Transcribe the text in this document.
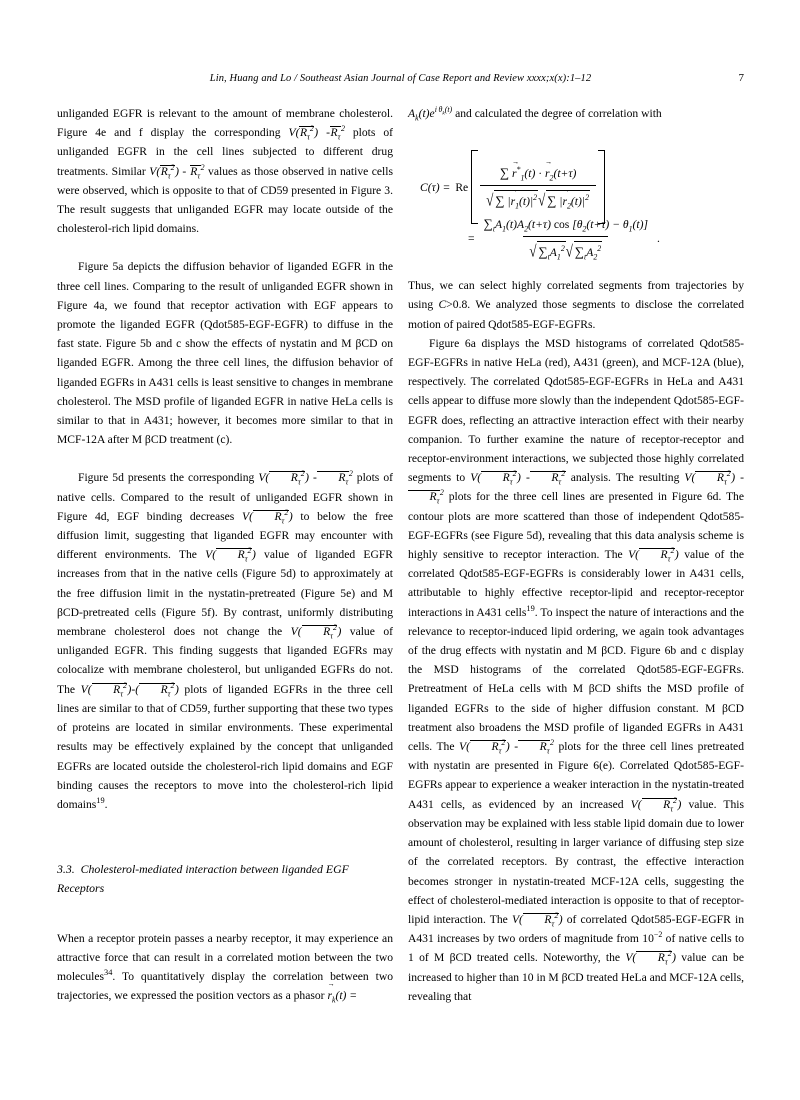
Lin, Huang and Lo / Southeast Asian Journal of Case Report and Review xxxx;x(x):1–12	7

unliganded EGFR is relevant to the amount of membrane cholesterol. Figure 4e and f display the corresponding $V(R_\tau^2)$ $-R_\tau^2$ plots of unliganded EGFR in the cell lines subjected to different drug treatments. Similar $V(R_\tau^2) - R_\tau^2$ values as those observed in native cells were observed, which is opposite to that of CD59 presented in Figure 3. The result suggests that unliganded EGFR may locate outside of the cholesterol-rich lipid domains.

Figure 5a depicts the diffusion behavior of liganded EGFR in the three cell lines. Comparing to the result of unliganded EGFR shown in Figure 4a, we found that receptor activation with EGF appears to promote the liganded EGFR (Qdot585-EGF-EGFR) to diffuse in the fast state. Figure 5b and c show the effects of nystatin and M βCD on liganded EGFR. Among the three cell lines, the diffusion behavior of liganded EGFRs in A431 cells is least sensitive to changes in membrane cholesterol. The MSD profile of liganded EGFR in native HeLa cells is similar to that in A431; however, it becomes more similar to that in MCF-12A after M βCD treatment (c).

Figure 5d presents the corresponding V( $R_\tau^2) - R_\tau^2$ plots of native cells. Compared to the result of unliganded EGFR shown in Figure 4d, EGF binding decreases V( $R_\tau^2$) to below the free diffusion limit, suggesting that liganded EGFR may encounter with different environments. The V( $R_\tau^2$) value of liganded EGFR increases from that in the native cells (Figure 5d) to approximately at the free diffusion limit in the nystatin-pretreated (Figure 5e) and M βCD-pretreated cells (Figure 5f). By contrast, uniformly distributing membrane cholesterol does not change the V( $R_\tau^2$) value of unliganded EGFR. This finding suggests that liganded EGFRs may colocalize with membrane cholesterol, but unliganded EGFRs do not. The V( $R_\tau^2)-$( $R_\tau^2$) plots of liganded EGFRs in the three cell lines are similar to that of CD59, further supporting that these two types of proteins are located in similar environments. These experimental results may be effectively explained by the concept that unliganded EGFRs are located outside the cholesterol-rich lipid domains and EGF binding causes the receptors to move into the cholesterol-rich lipid domains$^{19}$.

3.3. Cholesterol-mediated interaction between liganded EGF Receptors

When a receptor protein passes a nearby receptor, it may experience an attractive force that can result in a correlated motion between the two molecules$^{34}$. To quantitatively display the correlation between two trajectories, we expressed the position vectors as a phasor $r \to_k(t)$ =

$A_k(t)e^{i \theta_k(t)}$ and calculated the degree of correlation with

C(τ) = Re ∑ $r \to^*_1(t) \cdot r \to_2(t+\tau)$
√ ∑ $|r \to_1(t)|^2$ √ ∑ $|r \to_2(t)|^2$
= $\sum_tA_1(t)A_2(t+\tau)$ $\cos [\theta_2(t+\tau) - \theta_1(t)]$
√ $\sum_tA_1^2$ √ $\sum_tA_2^2$ .

Thus, we can select highly correlated segments from trajectories by using C>0.8. We analyzed those segments to disclose the correlated motion of paired Qdot585-EGF-EGFRs.

Figure 6a displays the MSD histograms of correlated Qdot585-EGF-EGFRs in native HeLa (red), A431 (green), and MCF-12A (blue), respectively. The correlated Qdot585-EGF-EGFRs in HeLa and A431 cells appear to diffuse more slowly than the independent Qdot585-EGF-EGFR does, reflecting an attractive interaction effect with their nearby companion. To further examine the nature of receptor-receptor and receptor-environment interactions, we subjected those highly correlated segments to V( $R_\tau^2) - R_\tau^2$ analysis. The resulting V( $R_\tau^2) - R_\tau^2$ plots for the three cell lines are presented in Figure 6d. The contour plots are more scattered than those of independent Qdot585-EGF-EGFRs (see Figure 5d), revealing that this data analysis scheme is highly sensitive to receptor interaction. The V( $R_\tau^2$) value of the correlated Qdot585-EGF-EGFRs is considerably lower in A431 cells, attributable to highly effective receptor-lipid and receptor-receptor interactions in A431 cells$^{19}$. To inspect the nature of interactions and the relevance to receptor-induced lipid ordering, we again took advantages of the drug effects with nystatin and M βCD. Figure 6b and c display the MSD histograms of the correlated Qdot585-EGF-EGFRs. Pretreatment of HeLa cells with M βCD shifts the MSD profile of liganded EGFRs to the side of higher diffusion constant. M βCD treatment also broadens the MSD profile of liganded EGFRs in A431 cells. The V( $R_\tau^2) - R_\tau^2$ plots for the three cell lines pretreated with nystatin are presented in Figure 6(e). Correlated Qdot585-EGF-EGFRs appear to experience a weaker interaction in the nystatin-treated A431 cells, as evidenced by an increased V( $R_\tau^2$) value. This observation may be explained with less stable lipid domain due to lower amount of cholesterol, resulting in larger variance of diffusing step size of the correlated receptors. By contrast, the effective interaction becomes stronger in nystatin-treated MCF-12A cells, suggesting the effect of cholesterol-mediated interaction is opposite to that of receptor-lipid interaction. The V( $R_\tau^2$) of correlated Qdot585-EGF-EGFR in A431 increases by two orders of magnitude from $10^{-2}$ of native cells to 1 of M βCD treated cells. Noteworthy, the V( $R_\tau^2$) value can be increased to higher than 10 in M βCD treated HeLa and MCF-12A cells, revealing that
